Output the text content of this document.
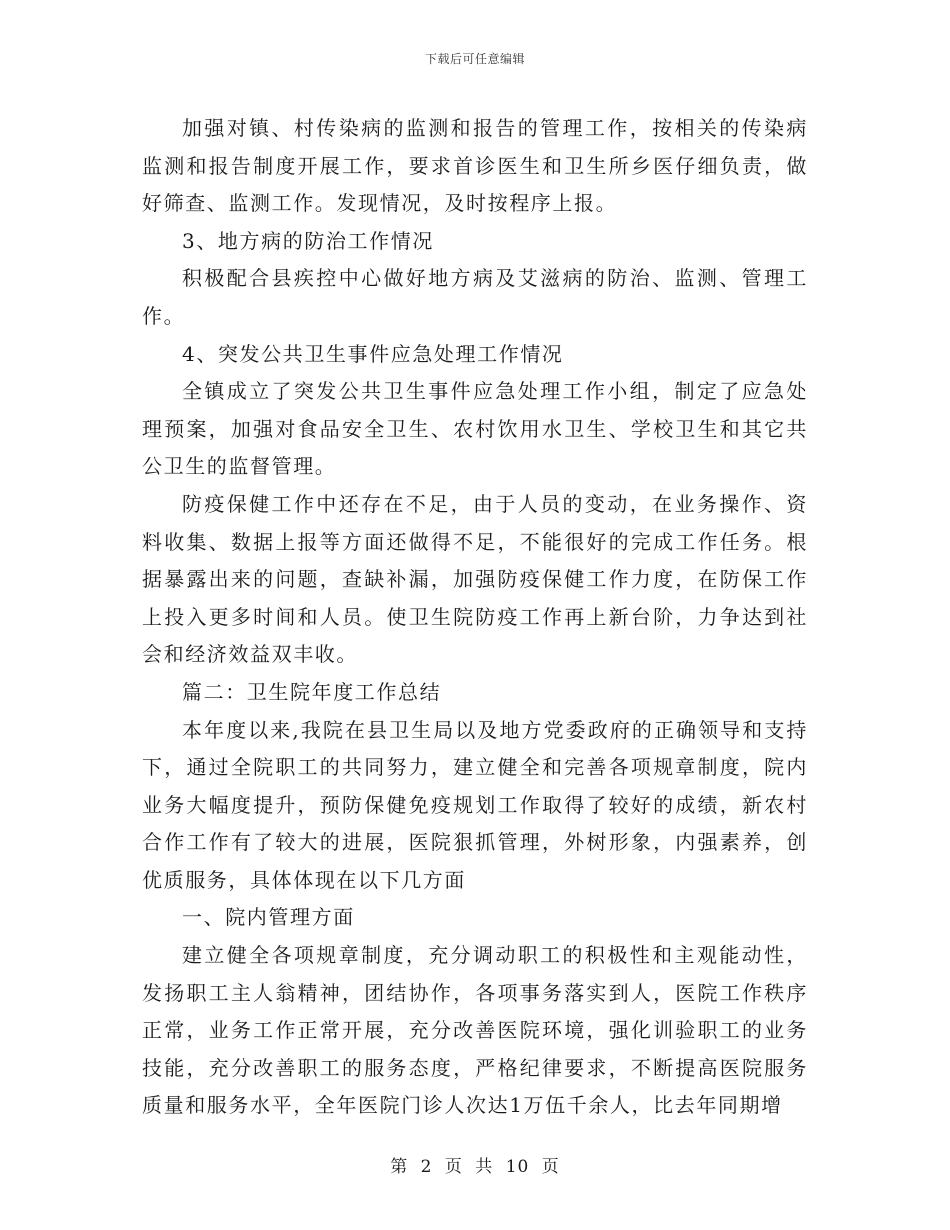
下载后可任意编辑

加强对镇、村传染病的监测和报告的管理工作，按相关的传染病监测和报告制度开展工作，要求首诊医生和卫生所乡医仔细负责，做好筛查、监测工作。发现情况，及时按程序上报。

3、地方病的防治工作情况

积极配合县疾控中心做好地方病及艾滋病的防治、监测、管理工作。

4、突发公共卫生事件应急处理工作情况

全镇成立了突发公共卫生事件应急处理工作小组，制定了应急处理预案，加强对食品安全卫生、农村饮用水卫生、学校卫生和其它共公卫生的监督管理。

防疫保健工作中还存在不足，由于人员的变动，在业务操作、资料收集、数据上报等方面还做得不足，不能很好的完成工作任务。根据暴露出来的问题，查缺补漏，加强防疫保健工作力度，在防保工作上投入更多时间和人员。使卫生院防疫工作再上新台阶，力争达到社会和经济效益双丰收。

篇二：卫生院年度工作总结

本年度以来,我院在县卫生局以及地方党委政府的正确领导和支持下，通过全院职工的共同努力，建立健全和完善各项规章制度，院内业务大幅度提升，预防保健免疫规划工作取得了较好的成绩，新农村合作工作有了较大的进展，医院狠抓管理，外树形象，内强素养，创优质服务，具体体现在以下几方面

一、院内管理方面

建立健全各项规章制度，充分调动职工的积极性和主观能动性，发扬职工主人翁精神，团结协作，各项事务落实到人，医院工作秩序正常，业务工作正常开展，充分改善医院环境，强化训验职工的业务技能，充分改善职工的服务态度，严格纪律要求，不断提高医院服务质量和服务水平，全年医院门诊人次达1万伍千余人，比去年同期增

第 2 页 共 10 页
